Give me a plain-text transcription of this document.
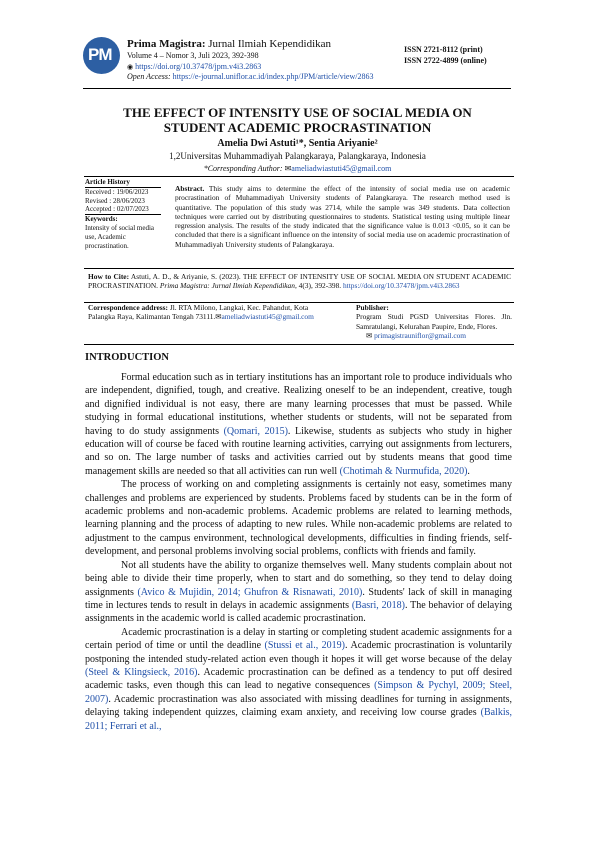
PM
Prima Magistra: Jurnal Ilmiah Kependidikan
Volume 4 – Nomor 3, Juli 2023, 392-398
◉ https://doi.org/10.37478/jpm.v4i3.2863
Open Access: https://e-journal.uniflor.ac.id/index.php/JPM/article/view/2863
ISSN 2721-8112 (print)
ISSN 2722-4899 (online)
THE EFFECT OF INTENSITY USE OF SOCIAL MEDIA ON
STUDENT ACADEMIC PROCRASTINATION
Amelia Dwi Astuti¹*, Sentia Ariyanie²
1,2Universitas Muhammadiyah Palangkaraya, Palangkaraya, Indonesia
*Corresponding Author: ✉ameliadwiastuti45@gmail.com
Article History
Received : 19/06/2023
Revised : 28/06/2023
Accepted : 02/07/2023
Keywords:
Intensity of social media use, Academic procrastination.
Abstract. This study aims to determine the effect of the intensity of social media use on academic procrastination of Muhammadiyah University students of Palangkaraya. The research method used is quantitative. The population of this study was 2714, while the sample was 349 students. Data collection techniques were carried out by distributing questionnaires to students. Statistical testing using multiple linear regression analysis. The results of the study indicated that the significance value is 0.013 <0.05, so it can be concluded that there is a significant influence on the intensity of social media use on academic procrastination of Muhammadiyah University students of Palangkaraya.
How to Cite: Astuti, A. D., & Ariyanie, S. (2023). THE EFFECT OF INTENSITY USE OF SOCIAL MEDIA ON STUDENT ACADEMIC PROCRASTINATION. Prima Magistra: Jurnal Ilmiah Kependidikan, 4(3), 392-398. https://doi.org/10.37478/jpm.v4i3.2863
Correspondence address: Jl. RTA Milono, Langkai, Kec. Pahandut, Kota Palangka Raya, Kalimantan Tengah 73111.✉ameliadwiastuti45@gmail.com
Publisher:
Program Studi PGSD Universitas Flores. Jln. Samratulangi, Kelurahan Paupire, Ende, Flores.
✉ primagistrauniflor@gmail.com
INTRODUCTION
Formal education such as in tertiary institutions has an important role to produce individuals who are independent, dignified, tough, and creative. Realizing oneself to be an independent, creative, tough and dignified individual is not easy, there are many learning processes that must be passed. While studying in formal educational institutions, whether students or students, will not be separated from having to do study assignments (Qomari, 2015). Likewise, students as subjects who study in higher education will of course be faced with routine learning activities, carrying out assignments from lecturers, and so on. The large number of tasks and activities carried out by students means that good time management skills are needed so that all activities can run well (Chotimah & Nurmufida, 2020).
The process of working on and completing assignments is certainly not easy, sometimes many challenges and problems are experienced by students. Problems faced by students can be in the form of academic problems and non-academic problems. Academic problems are related to learning methods, learning planning and the process of adapting to new rules. While non-academic problems are related to adjustment to the campus environment, technological developments, difficulties in finding friends, self-development, and personal problems involving social problems, conflicts with friends and family.
Not all students have the ability to organize themselves well. Many students complain about not being able to divide their time properly, when to start and do something, so they tend to delay doing assignments (Avico & Mujidin, 2014; Ghufron & Risnawati, 2010). Students' lack of skill in managing time in lectures tends to result in delays in academic assignments (Basri, 2018). The behavior of delaying assignments in the academic world is called academic procrastination.
Academic procrastination is a delay in starting or completing student academic assignments for a certain period of time or until the deadline (Stussi et al., 2019). Academic procrastination is voluntarily postponing the intended study-related action even though it hopes it will get worse because of the delay (Steel & Klingsieck, 2016). Academic procrastination can be defined as a tendency to put off desired academic tasks, even though this can lead to negative consequences (Simpson & Pychyl, 2009; Steel, 2007). Academic procrastination was also associated with missing deadlines for turning in assignments, delaying taking independent quizzes, claiming exam anxiety, and receiving low course grades (Balkis, 2011; Ferrari et al.,
